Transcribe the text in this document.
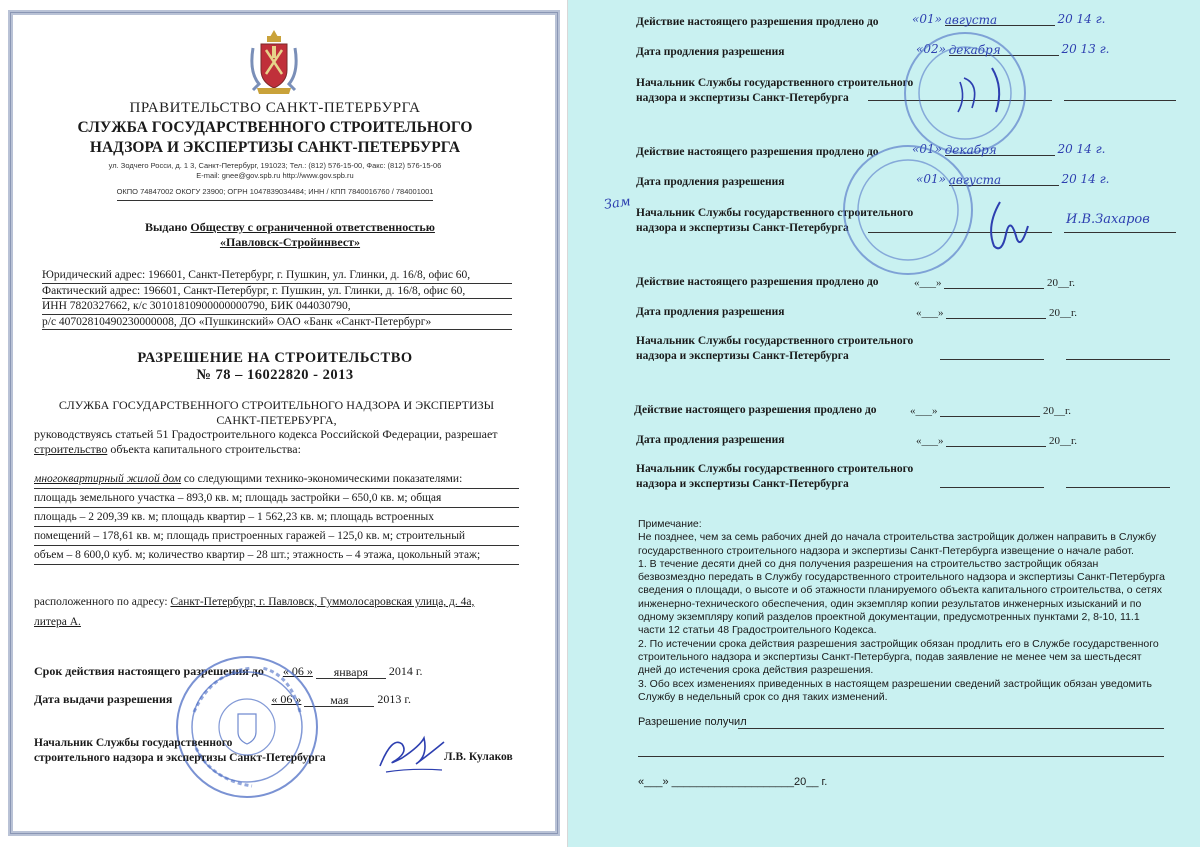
ПРАВИТЕЛЬСТВО САНКТ-ПЕТЕРБУРГА
СЛУЖБА ГОСУДАРСТВЕННОГО СТРОИТЕЛЬНОГО
НАДЗОРА И ЭКСПЕРТИЗЫ САНКТ-ПЕТЕРБУРГА
ул. Зодчего Росси, д. 1 3, Санкт-Петербург, 191023; Тел.: (812) 576-15-00, Факс: (812) 576-15-06
E-mail: gnee@gov.spb.ru http://www.gov.spb.ru
ОКПО 74847002 ОКОГУ 23900; ОГРН 1047839034484; ИНН / КПП 7840016760 / 784001001
Выдано Обществу с ограниченной ответственностью
«Павловск-Стройинвест»
Юридический адрес: 196601, Санкт-Петербург, г. Пушкин, ул. Глинки, д. 16/8, офис 60,
Фактический адрес: 196601, Санкт-Петербург, г. Пушкин, ул. Глинки, д. 16/8, офис 60,
ИНН 7820327662, к/с 30101810900000000790, БИК 044030790,
р/с 40702810490230000008, ДО «Пушкинский» ОАО «Банк «Санкт-Петербург»
РАЗРЕШЕНИЕ НА СТРОИТЕЛЬСТВО
№ 78 – 16022820 - 2013
СЛУЖБА ГОСУДАРСТВЕННОГО СТРОИТЕЛЬНОГО НАДЗОРА И ЭКСПЕРТИЗЫ
САНКТ-ПЕТЕРБУРГА,
руководствуясь статьей 51 Градостроительного кодекса Российской Федерации, разрешает
строительство объекта капитального строительства:
многоквартирный жилой дом со следующими технико-экономическими показателями:
площадь земельного участка – 893,0 кв. м; площадь застройки – 650,0 кв. м; общая
площадь – 2 209,39 кв. м; площадь квартир – 1 562,23 кв. м; площадь встроенных
помещений – 178,61 кв. м; площадь пристроенных гаражей – 125,0 кв. м; строительный
объем – 8 600,0 куб. м; количество квартир – 28 шт.; этажность – 4 этажа, цокольный этаж;
расположенного по адресу: Санкт-Петербург, г. Павловск, Гуммолосаровская улица, д. 4а,
литера А.
Срок действия настоящего разрешения до « 06 » января 2014 г.
Дата выдачи разрешения	« 06 » мая 2013 г.
Начальник Службы государственного
строительного надзора и экспертизы Санкт-Петербурга	Л.В. Кулаков
Действие настоящего разрешения продлено до	«01» августа	20 14 г.
Дата продления разрешения	«02» декабря	20 13 г.
Начальник Службы государственного строительного
надзора и экспертизы Санкт-Петербурга
Действие настоящего разрешения продлено до	«01» декабря	20 14 г.
Дата продления разрешения	«01» августа	20 14 г.
Зам
Начальник Службы государственного строительного
надзора и экспертизы Санкт-Петербурга
И.В.Захаров
Действие настоящего разрешения продлено до	«___»	20__г.
Дата продления разрешения	«___»	20__г.
Начальник Службы государственного строительного
надзора и экспертизы Санкт-Петербурга
Действие настоящего разрешения продлено до	«___»	20__г.
Дата продления разрешения	«___»	20__г.
Начальник Службы государственного строительного
надзора и экспертизы Санкт-Петербурга

Примечание:

Не позднее, чем за семь рабочих дней до начала строительства застройщик должен направить в Службу государственного строительного надзора и экспертизы Санкт-Петербурга извещение о начале работ.

1. В течение десяти дней со дня получения разрешения на строительство застройщик обязан безвозмездно передать в Службу государственного строительного надзора и экспертизы Санкт-Петербурга сведения о площади, о высоте и об этажности планируемого объекта капитального строительства, о сетях инженерно-технического обеспечения, один экземпляр копии результатов инженерных изысканий и по одному экземпляру копий разделов проектной документации, предусмотренных пунктами 2, 8-10, 11.1 части 12 статьи 48 Градостроительного Кодекса.

2. По истечении срока действия разрешения застройщик обязан продлить его в Службе государственного строительного надзора и экспертизы Санкт-Петербурга, подав заявление не менее чем за шестьдесят дней до истечения срока действия разрешения.

3. Обо всех изменениях приведенных в настоящем разрешении сведений застройщик обязан уведомить Службу в недельный срок со дня таких изменений.

Разрешение получил
«___» ____________________20__ г.
